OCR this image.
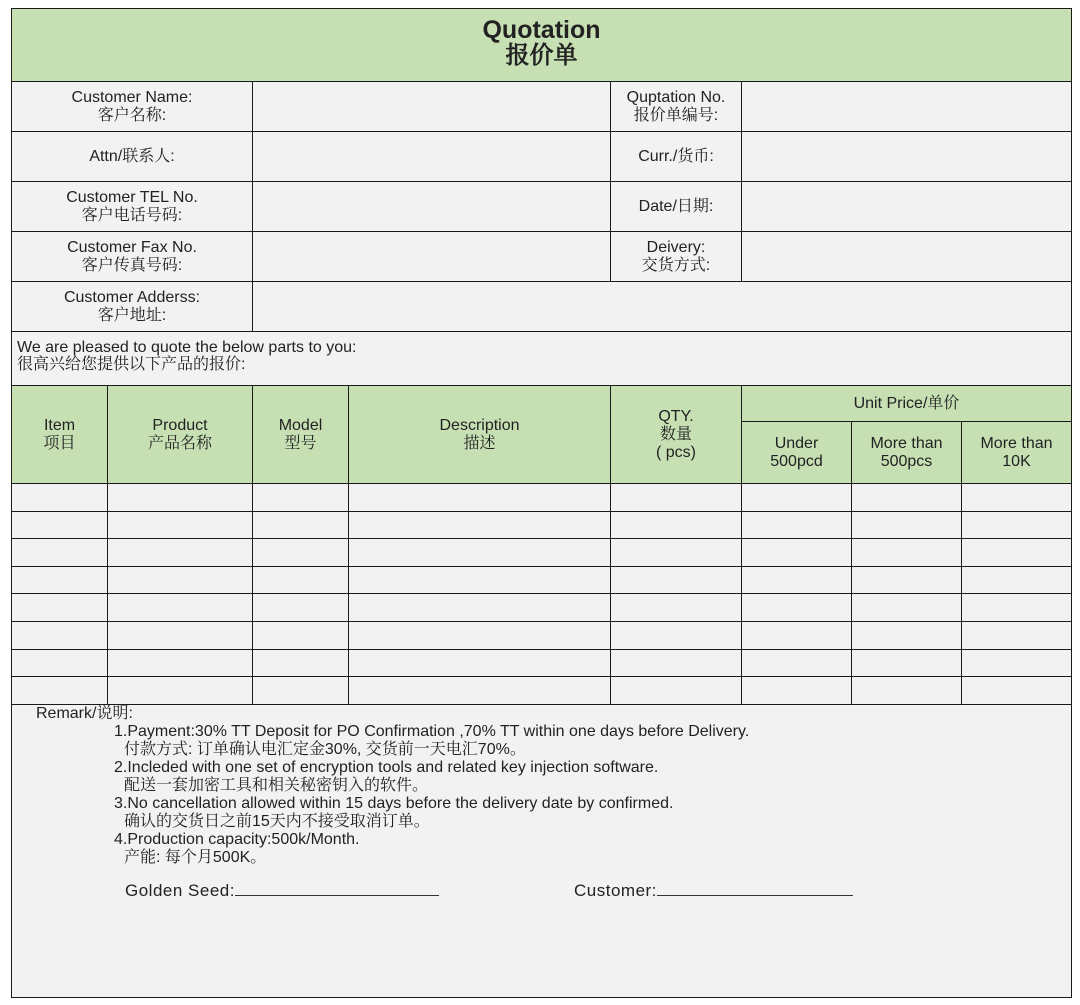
Quotation
报价单
Customer Name:
客户名称:
Quptation No.
报价单编号:
Attn/联系人:	Curr./货币:
Customer TEL No.
客户电话号码:
Date/日期:
Customer Fax No.
客户传真号码:
Deivery:
交货方式:
Customer Adderss:
客户地址:
We are pleased to quote the below parts to you:
很高兴给您提供以下产品的报价:
Item
项目
Product
产品名称
Model
型号
Description
描述
QTY.
数量
( pcs)
Unit Price/单价
Under
500pcd
More than
500pcs
More than
10K
Remark/说明:
1.Payment:30% TT Deposit for PO Confirmation ,70% TT within one days before Delivery.
付款方式: 订单确认电汇定金30%, 交货前一天电汇70%。
2.Incleded with one set of encryption tools and related key injection software.
配送一套加密工具和相关秘密钥入的软件。
3.No cancellation allowed within 15 days before the delivery date by confirmed.
确认的交货日之前15天内不接受取消订单。
4.Production capacity:500k/Month.
产能: 每个月500K。
Golden Seed:	Customer:
